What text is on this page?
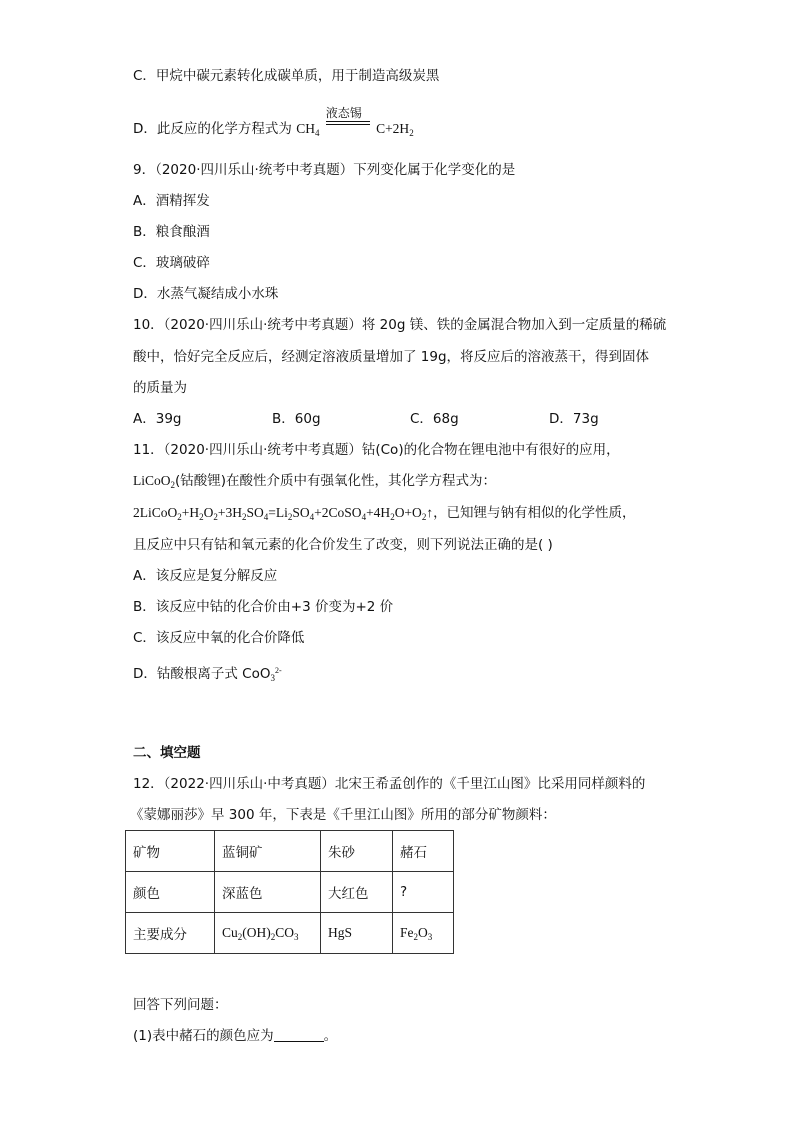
C．甲烷中碳元素转化成碳单质，用于制造高级炭黑
D．此反应的化学方程式为 $CH_4$
液态锡
$C+2H_2$
9．（2020·四川乐山·统考中考真题）下列变化属于化学变化的是
A．酒精挥发
B．粮食酿酒
C．玻璃破碎
D．水蒸气凝结成小水珠
10．（2020·四川乐山·统考中考真题）将 20g 镁、铁的金属混合物加入到一定质量的稀硫
酸中，恰好完全反应后，经测定溶液质量增加了 19g，将反应后的溶液蒸干，得到固体
的质量为
A．39g	B．60g	C．68g	D．73g
11．（2020·四川乐山·统考中考真题）钴(Co)的化合物在锂电池中有很好的应用，
LiCoO$_2$(钴酸锂)在酸性介质中有强氧化性，其化学方程式为：
$2LiCoO_2+H_2O_2+3H_2SO_4=Li_2SO_4+2CoSO_4+4H_2O+O_2↑$，已知锂与钠有相似的化学性质，
且反应中只有钴和氧元素的化合价发生了改变，则下列说法正确的是( )
A．该反应是复分解反应
B．该反应中钴的化合价由+3 价变为+2 价
C．该反应中氧的化合价降低
D．钴酸根离子式 CoO$_3^{2-}$
二、填空题
12．（2022·四川乐山·中考真题）北宋王希孟创作的《千里江山图》比采用同样颜料的
《蒙娜丽莎》早 300 年，下表是《千里江山图》所用的部分矿物颜料：
矿物	蓝铜矿	朱砂	赭石
颜色	深蓝色	大红色	?
主要成分	$Cu_2(OH)_2CO_3$	HgS	$Fe_2O_3$
回答下列问题：
(1)表中赭石的颜色应为	。
